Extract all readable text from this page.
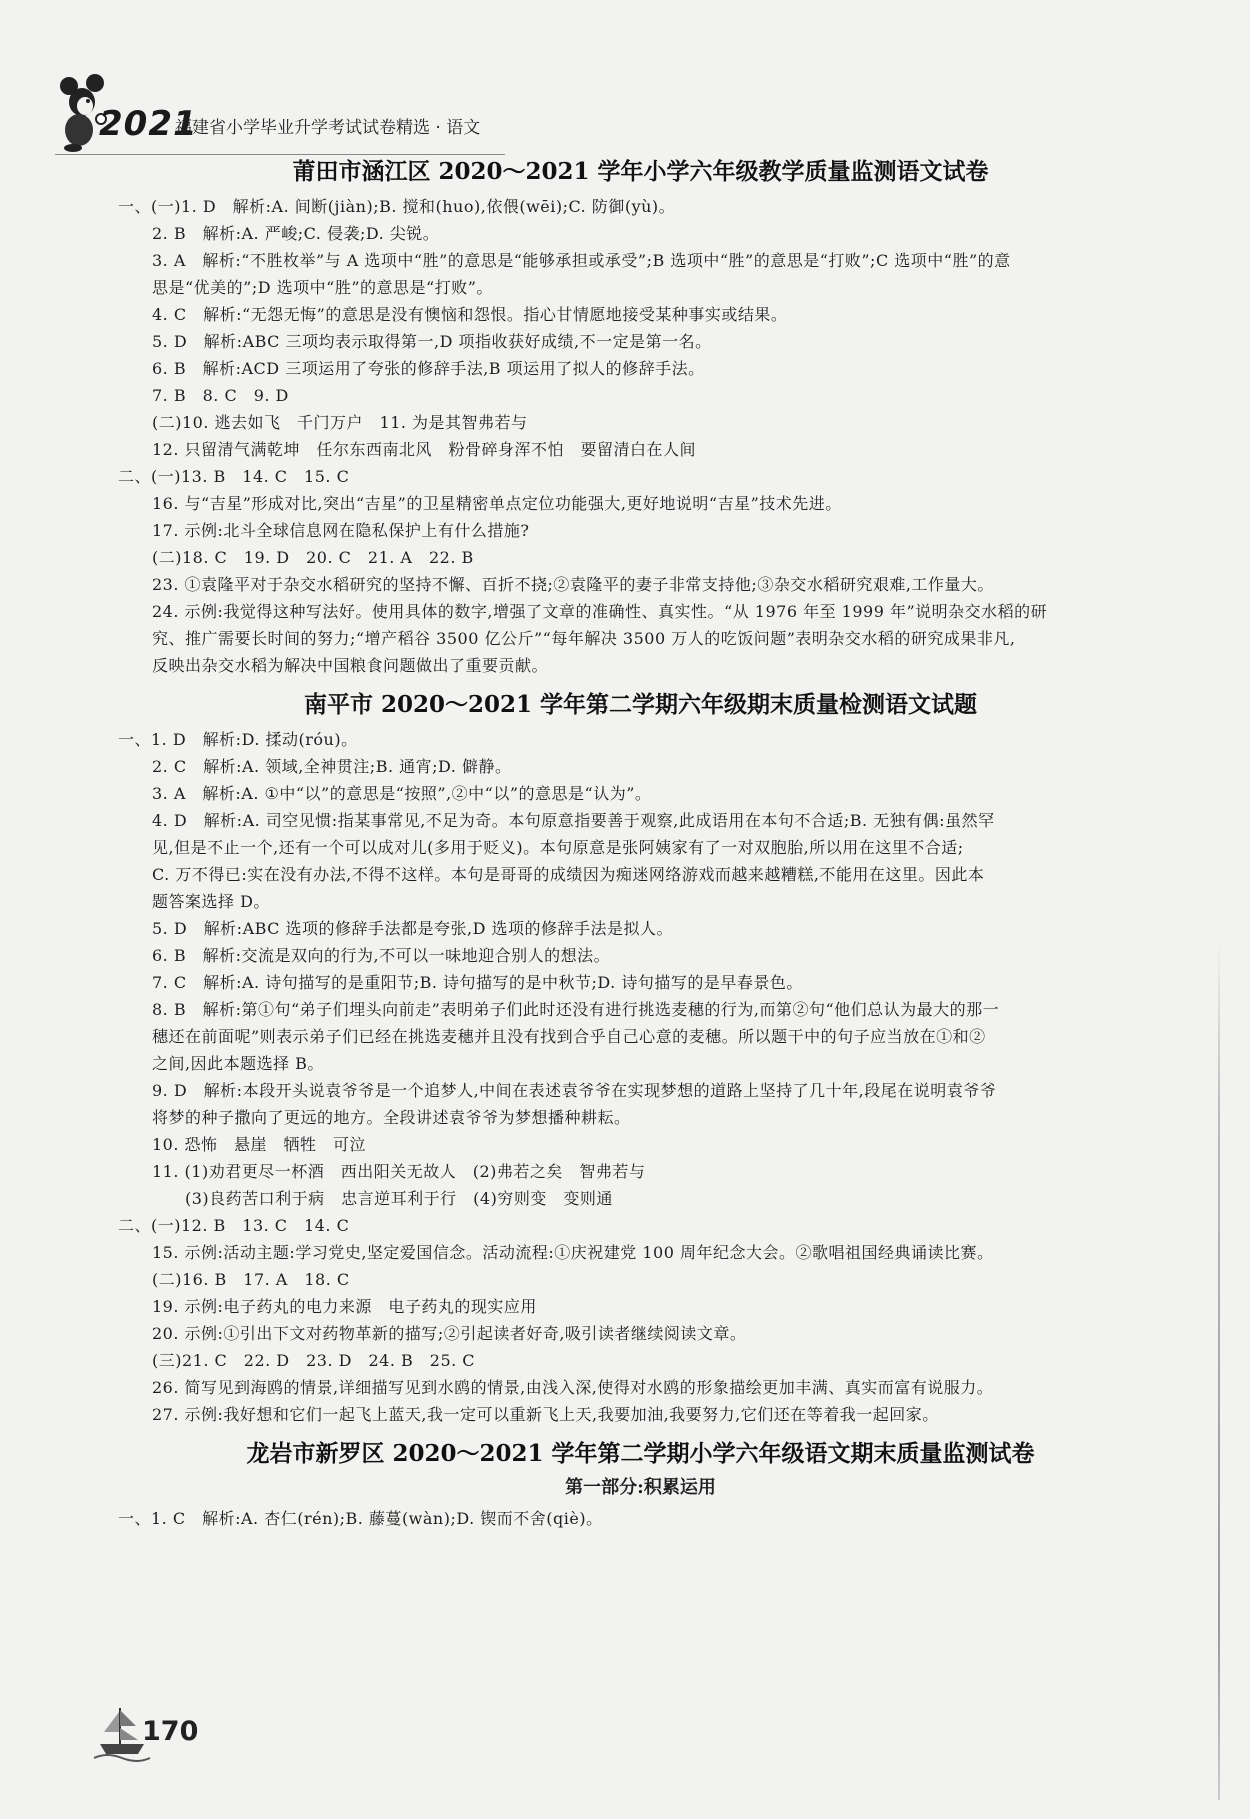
2021
福建省小学毕业升学考试试卷精选 · 语文
莆田市涵江区 2020～2021 学年小学六年级教学质量监测语文试卷
一、(一)1. D　解析:A. 间断(jiàn);B. 搅和(huo),依偎(wēi);C. 防御(yù)。
2. B　解析:A. 严峻;C. 侵袭;D. 尖锐。
3. A　解析:“不胜枚举”与 A 选项中“胜”的意思是“能够承担或承受”;B 选项中“胜”的意思是“打败”;C 选项中“胜”的意
思是“优美的”;D 选项中“胜”的意思是“打败”。
4. C　解析:“无怨无悔”的意思是没有懊恼和怨恨。指心甘情愿地接受某种事实或结果。
5. D　解析:ABC 三项均表示取得第一,D 项指收获好成绩,不一定是第一名。
6. B　解析:ACD 三项运用了夸张的修辞手法,B 项运用了拟人的修辞手法。
7. B　8. C　9. D
(二)10. 逃去如飞　千门万户　11. 为是其智弗若与
12. 只留清气满乾坤　任尔东西南北风　粉骨碎身浑不怕　要留清白在人间
二、(一)13. B　14. C　15. C
16. 与“吉星”形成对比,突出“吉星”的卫星精密单点定位功能强大,更好地说明“吉星”技术先进。
17. 示例:北斗全球信息网在隐私保护上有什么措施?
(二)18. C　19. D　20. C　21. A　22. B
23. ①袁隆平对于杂交水稻研究的坚持不懈、百折不挠;②袁隆平的妻子非常支持他;③杂交水稻研究艰难,工作量大。
24. 示例:我觉得这种写法好。使用具体的数字,增强了文章的准确性、真实性。“从 1976 年至 1999 年”说明杂交水稻的研
究、推广需要长时间的努力;“增产稻谷 3500 亿公斤”“每年解决 3500 万人的吃饭问题”表明杂交水稻的研究成果非凡,
反映出杂交水稻为解决中国粮食问题做出了重要贡献。
南平市 2020～2021 学年第二学期六年级期末质量检测语文试题
一、1. D　解析:D. 揉动(róu)。
2. C　解析:A. 领域,全神贯注;B. 通宵;D. 僻静。
3. A　解析:A. ①中“以”的意思是“按照”,②中“以”的意思是“认为”。
4. D　解析:A. 司空见惯:指某事常见,不足为奇。本句原意指要善于观察,此成语用在本句不合适;B. 无独有偶:虽然罕
见,但是不止一个,还有一个可以成对儿(多用于贬义)。本句原意是张阿姨家有了一对双胞胎,所以用在这里不合适;
C. 万不得已:实在没有办法,不得不这样。本句是哥哥的成绩因为痴迷网络游戏而越来越糟糕,不能用在这里。因此本
题答案选择 D。
5. D　解析:ABC 选项的修辞手法都是夸张,D 选项的修辞手法是拟人。
6. B　解析:交流是双向的行为,不可以一味地迎合别人的想法。
7. C　解析:A. 诗句描写的是重阳节;B. 诗句描写的是中秋节;D. 诗句描写的是早春景色。
8. B　解析:第①句“弟子们埋头向前走”表明弟子们此时还没有进行挑选麦穗的行为,而第②句“他们总认为最大的那一
穗还在前面呢”则表示弟子们已经在挑选麦穗并且没有找到合乎自己心意的麦穗。所以题干中的句子应当放在①和②
之间,因此本题选择 B。
9. D　解析:本段开头说袁爷爷是一个追梦人,中间在表述袁爷爷在实现梦想的道路上坚持了几十年,段尾在说明袁爷爷
将梦的种子撒向了更远的地方。全段讲述袁爷爷为梦想播种耕耘。
10. 恐怖　悬崖　牺牲　可泣
11. (1)劝君更尽一杯酒　西出阳关无故人　(2)弗若之矣　智弗若与
(3)良药苦口利于病　忠言逆耳利于行　(4)穷则变　变则通
二、(一)12. B　13. C　14. C
15. 示例:活动主题:学习党史,坚定爱国信念。活动流程:①庆祝建党 100 周年纪念大会。②歌唱祖国经典诵读比赛。
(二)16. B　17. A　18. C
19. 示例:电子药丸的电力来源　电子药丸的现实应用
20. 示例:①引出下文对药物革新的描写;②引起读者好奇,吸引读者继续阅读文章。
(三)21. C　22. D　23. D　24. B　25. C
26. 简写见到海鸥的情景,详细描写见到水鸥的情景,由浅入深,使得对水鸥的形象描绘更加丰满、真实而富有说服力。
27. 示例:我好想和它们一起飞上蓝天,我一定可以重新飞上天,我要加油,我要努力,它们还在等着我一起回家。
龙岩市新罗区 2020～2021 学年第二学期小学六年级语文期末质量监测试卷
第一部分:积累运用
一、1. C　解析:A. 杏仁(rén);B. 藤蔓(wàn);D. 锲而不舍(qiè)。
170
